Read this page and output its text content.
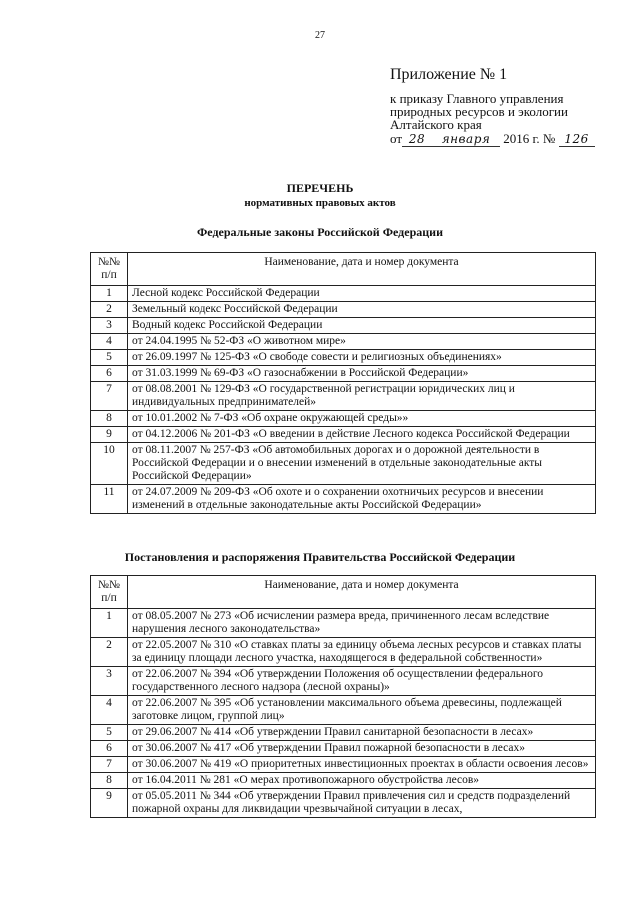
27
Приложение № 1
к приказу Главного управления
природных ресурсов и экологии
Алтайского края
от 28 января 2016 г. № 126
ПЕРЕЧЕНЬ
нормативных правовых актов
Федеральные законы Российской Федерации
№№ п/п	Наименование, дата и номер документа
1	Лесной кодекс Российской Федерации
2	Земельный кодекс Российской Федерации
3	Водный кодекс Российской Федерации
4	от 24.04.1995 № 52-ФЗ «О животном мире»
5	от 26.09.1997 № 125-ФЗ «О свободе совести и религиозных объединениях»
6	от 31.03.1999 № 69-ФЗ «О газоснабжении в Российской Федерации»
7	от 08.08.2001 № 129-ФЗ «О государственной регистрации юридических лиц и индивидуальных предпринимателей»
8	от 10.01.2002 № 7-ФЗ «Об охране окружающей среды»»
9	от 04.12.2006 № 201-ФЗ «О введении в действие Лесного кодекса Российской Федерации
10	от 08.11.2007 № 257-ФЗ «Об автомобильных дорогах и о дорожной деятельности в Российской Федерации и о внесении изменений в отдельные законодательные акты Российской Федерации»
11	от 24.07.2009 № 209-ФЗ «Об охоте и о сохранении охотничьих ресурсов и внесении изменений в отдельные законодательные акты Российской Федерации»
Постановления и распоряжения Правительства Российской Федерации
№№ п/п	Наименование, дата и номер документа
1	от 08.05.2007 № 273 «Об исчислении размера вреда, причиненного лесам вследствие нарушения лесного законодательства»
2	от 22.05.2007 № 310 «О ставках платы за единицу объема лесных ресурсов и ставках платы за единицу площади лесного участка, находящегося в федеральной собственности»
3	от 22.06.2007 № 394 «Об утверждении Положения об осуществлении федерального государственного лесного надзора (лесной охраны)»
4	от 22.06.2007 № 395 «Об установлении максимального объема древесины, подлежащей заготовке лицом, группой лиц»
5	от 29.06.2007 № 414 «Об утверждении Правил санитарной безопасности в лесах»
6	от 30.06.2007 № 417 «Об утверждении Правил пожарной безопасности в лесах»
7	от 30.06.2007 № 419 «О приоритетных инвестиционных проектах в области освоения лесов»
8	от 16.04.2011 № 281 «О мерах противопожарного обустройства лесов»
9	от 05.05.2011 № 344 «Об утверждении Правил привлечения сил и средств подразделений пожарной охраны для ликвидации чрезвычайной ситуации в лесах,
